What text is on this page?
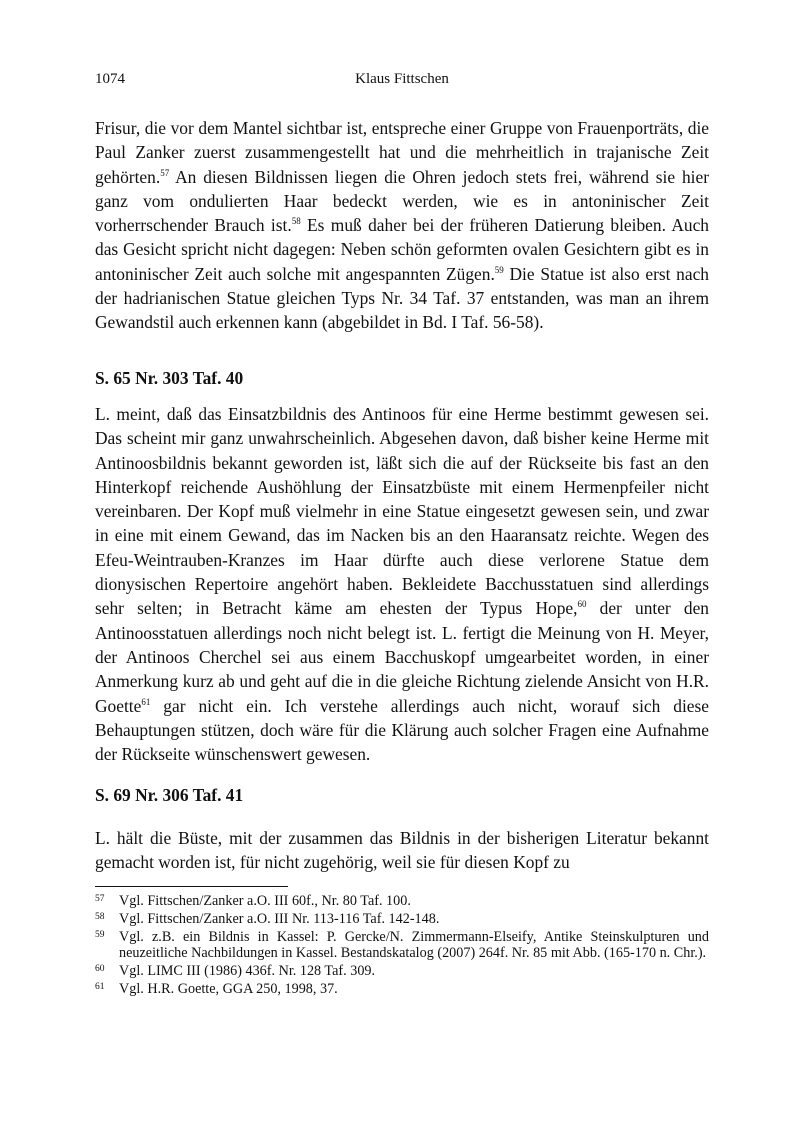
1074	Klaus Fittschen

Frisur, die vor dem Mantel sichtbar ist, entspreche einer Gruppe von Frauenporträts, die Paul Zanker zuerst zusammengestellt hat und die mehrheitlich in trajanische Zeit gehörten.$^{57}$ An diesen Bildnissen liegen die Ohren jedoch stets frei, während sie hier ganz vom ondulierten Haar bedeckt werden, wie es in antoninischer Zeit vorherrschender Brauch ist.$^{58}$ Es muß daher bei der früheren Datierung bleiben. Auch das Gesicht spricht nicht dagegen: Neben schön geformten ovalen Gesichtern gibt es in antoninischer Zeit auch solche mit angespannten Zügen.$^{59}$ Die Statue ist also erst nach der hadrianischen Statue gleichen Typs Nr. 34 Taf. 37 entstanden, was man an ihrem Gewandstil auch erkennen kann (abgebildet in Bd. I Taf. 56-58).

S. 65 Nr. 303 Taf. 40

L. meint, daß das Einsatzbildnis des Antinoos für eine Herme bestimmt gewesen sei. Das scheint mir ganz unwahrscheinlich. Abgesehen davon, daß bisher keine Herme mit Antinoosbildnis bekannt geworden ist, läßt sich die auf der Rückseite bis fast an den Hinterkopf reichende Aushöhlung der Einsatzbüste mit einem Hermenpfeiler nicht vereinbaren. Der Kopf muß vielmehr in eine Statue eingesetzt gewesen sein, und zwar in eine mit einem Gewand, das im Nacken bis an den Haaransatz reichte. Wegen des Efeu-Weintrauben-Kranzes im Haar dürfte auch diese verlorene Statue dem dionysischen Repertoire angehört haben. Bekleidete Bacchusstatuen sind allerdings sehr selten; in Betracht käme am ehesten der Typus Hope,$^{60}$ der unter den Antinoosstatuen allerdings noch nicht belegt ist. L. fertigt die Meinung von H. Meyer, der Antinoos Cherchel sei aus einem Bacchuskopf umgearbeitet worden, in einer Anmerkung kurz ab und geht auf die in die gleiche Richtung zielende Ansicht von H.R. Goette$^{61}$ gar nicht ein. Ich verstehe allerdings auch nicht, worauf sich diese Behauptungen stützen, doch wäre für die Klärung auch solcher Fragen eine Aufnahme der Rückseite wünschenswert gewesen.

S. 69 Nr. 306 Taf. 41

L. hält die Büste, mit der zusammen das Bildnis in der bisherigen Literatur bekannt gemacht worden ist, für nicht zugehörig, weil sie für diesen Kopf zu

57	Vgl. Fittschen/Zanker a.O. III 60f., Nr. 80 Taf. 100.
58	Vgl. Fittschen/Zanker a.O. III Nr. 113-116 Taf. 142-148.
59	Vgl. z.B. ein Bildnis in Kassel: P. Gercke/N. Zimmermann-Elseify, Antike Steinskulpturen und neuzeitliche Nachbildungen in Kassel. Bestandskatalog (2007) 264f. Nr. 85 mit Abb. (165-170 n. Chr.).
60	Vgl. LIMC III (1986) 436f. Nr. 128 Taf. 309.
61	Vgl. H.R. Goette, GGA 250, 1998, 37.
